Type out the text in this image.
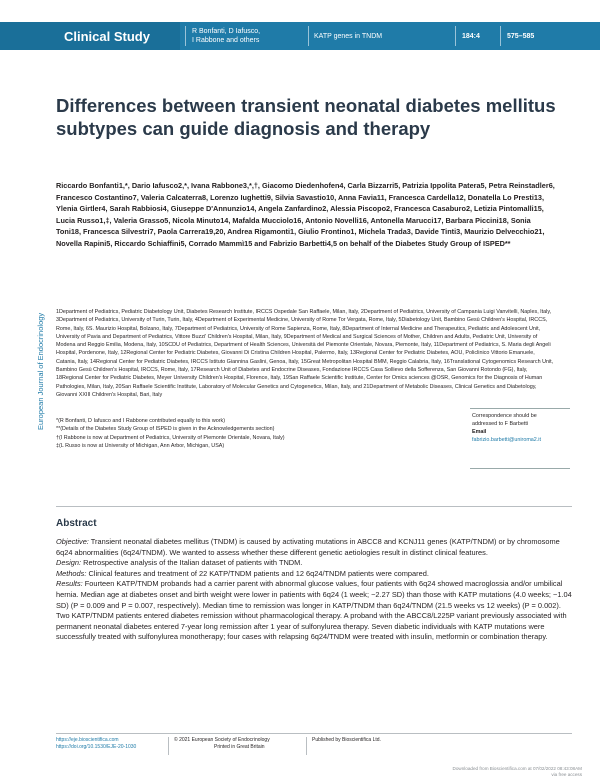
Clinical Study	R Bonfanti, D Iafusco,
I Rabbone and others
KATP genes in TNDM	184:4	575–585
European Journal of Endocrinology
Differences between transient neonatal diabetes mellitus subtypes can guide diagnosis and therapy
Riccardo Bonfanti1,*, Dario Iafusco2,*, Ivana Rabbone3,*,†, Giacomo Diedenhofen4, Carla Bizzarri5, Patrizia Ippolita Patera5, Petra Reinstadler6, Francesco Costantino7, Valeria Calcaterra8, Lorenzo Iughetti9, Silvia Savastio10, Anna Favia11, Francesca Cardella12, Donatella Lo Presti13, Ylenia Girtler4, Sarah Rabbiosi4, Giuseppe D'Annunzio14, Angela Zanfardino2, Alessia Piscopo2, Francesca Casaburo2, Letizia Pintomalli15, Lucia Russo1,‡, Valeria Grasso5, Nicola Minuto14, Mafalda Mucciolo16, Antonio Novelli16, Antonella Marucci17, Barbara Piccini18, Sonia Toni18, Francesca Silvestri7, Paola Carrera19,20, Andrea Rigamonti1, Giulio Frontino1, Michela Trada3, Davide Tinti3, Maurizio Delvecchio21, Novella Rapini5, Riccardo Schiaffini5, Corrado Mammì15 and Fabrizio Barbetti4,5 on behalf of the Diabetes Study Group of ISPED**
1Department of Pediatrics, Pediatric Diabetology Unit, Diabetes Research Institute, IRCCS Ospedale San Raffaele, Milan, Italy, 2Department of Pediatrics, University of Campania Luigi Vanvitelli, Naples, Italy, 3Department of Pediatrics, University of Turin, Turin, Italy, 4Department of Experimental Medicine, University of Rome Tor Vergata, Rome, Italy, 5Diabetology Unit, Bambino Gesù Children's Hospital, IRCCS, Rome, Italy, 6S. Maurizio Hospital, Bolzano, Italy, 7Department of Pediatrics, University of Rome Sapienza, Rome, Italy, 8Department of Internal Medicine and Therapeutics, Pediatric and Adolescent Unit, University of Pavia and Department of Pediatrics, Vittore Buzzi' Children's Hospital, Milan, Italy, 9Department of Medical and Surgical Sciences of Mother, Children and Adults, Pediatric Unit, University of Modena and Reggio Emilia, Modena, Italy, 10SCDU of Pediatrics, Department of Health Sciences, Università del Piemonte Orientale, Novara, Piemonte, Italy, 11Department of Pediatrics, S. Maria degli Angeli Hospital, Pordenone, Italy, 12Regional Center for Pediatric Diabetes, Giovanni Di Cristina Children Hospital, Palermo, Italy, 13Regional Center for Pediatric Diabetes, AOU, Policlinico Vittorio Emanuele, Catania, Italy, 14Regional Center for Pediatric Diabetes, IRCCS Istituto Giannina Gaslini, Genoa, Italy, 15Great Metropolitan Hospital BMM, Reggio Calabria, Italy, 16Translational Cytogenomics Research Unit, Bambino Gesù Children's Hospital, IRCCS, Rome, Italy, 17Research Unit of Diabetes and Endocrine Diseases, Fondazione IRCCS Casa Sollievo della Sofferenza, San Giovanni Rotondo (FG), Italy, 18Regional Center for Pediatric Diabetes, Meyer University Children's Hospital, Florence, Italy, 19San Raffaele Scientific Institute, Center for Omics sciences @OSR, Genomics for the Diagnosis of Human Pathologies, Milan, Italy, 20San Raffaele Scientific Institute, Laboratory of Molecular Genetics and Cytogenetics, Milan, Italy, and 21Department of Metabolic Diseases, Clinical Genetics and Diabetology, Giovanni XXIII Children's Hospital, Bari, Italy
*(R Bonfanti, D Iafusco and I Rabbone contributed equally to this work)
**(Details of the Diabetes Study Group of ISPED is given in the Acknowledgements section)
†(I Rabbone is now at Department of Pediatrics, University of Piemonte Orientale, Novara, Italy)
‡(L Russo is now at University of Michigan, Ann Arbor, Michigan, USA)
Correspondence should be addressed to F Barbetti
Email
fabrizio.barbetti@uniroma2.it
Abstract

Objective: Transient neonatal diabetes mellitus (TNDM) is caused by activating mutations in ABCC8 and KCNJ11 genes (KATP/TNDM) or by chromosome 6q24 abnormalities (6q24/TNDM). We wanted to assess whether these different genetic aetiologies result in distinct clinical features.

Design: Retrospective analysis of the Italian dataset of patients with TNDM.

Methods: Clinical features and treatment of 22 KATP/TNDM patients and 12 6q24/TNDM patients were compared.

Results: Fourteen KATP/TNDM probands had a carrier parent with abnormal glucose values, four patients with 6q24 showed macroglossia and/or umbilical hernia. Median age at diabetes onset and birth weight were lower in patients with 6q24 (1 week; −2.27 SD) than those with KATP mutations (4.0 weeks; −1.04 SD) (P = 0.009 and P = 0.007, respectively). Median time to remission was longer in KATP/TNDM than 6q24/TNDM (21.5 weeks vs 12 weeks) (P = 0.002). Two KATP/TNDM patients entered diabetes remission without pharmacological therapy. A proband with the ABCC8/L225P variant previously associated with permanent neonatal diabetes entered 7-year long remission after 1 year of sulfonylurea therapy. Seven diabetic individuals with KATP mutations were successfully treated with sulfonylurea monotherapy; four cases with relapsing 6q24/TNDM were treated with insulin, metformin or combination therapy.

https://eje.bioscientifica.com
https://doi.org/10.1530/EJE-20-1030
© 2021 European Society of Endocrinology
Printed in Great Britain
Published by Bioscientifica Ltd.
Downloaded from Bioscientifica.com at 07/02/2022 08:43:08AM
via free access
